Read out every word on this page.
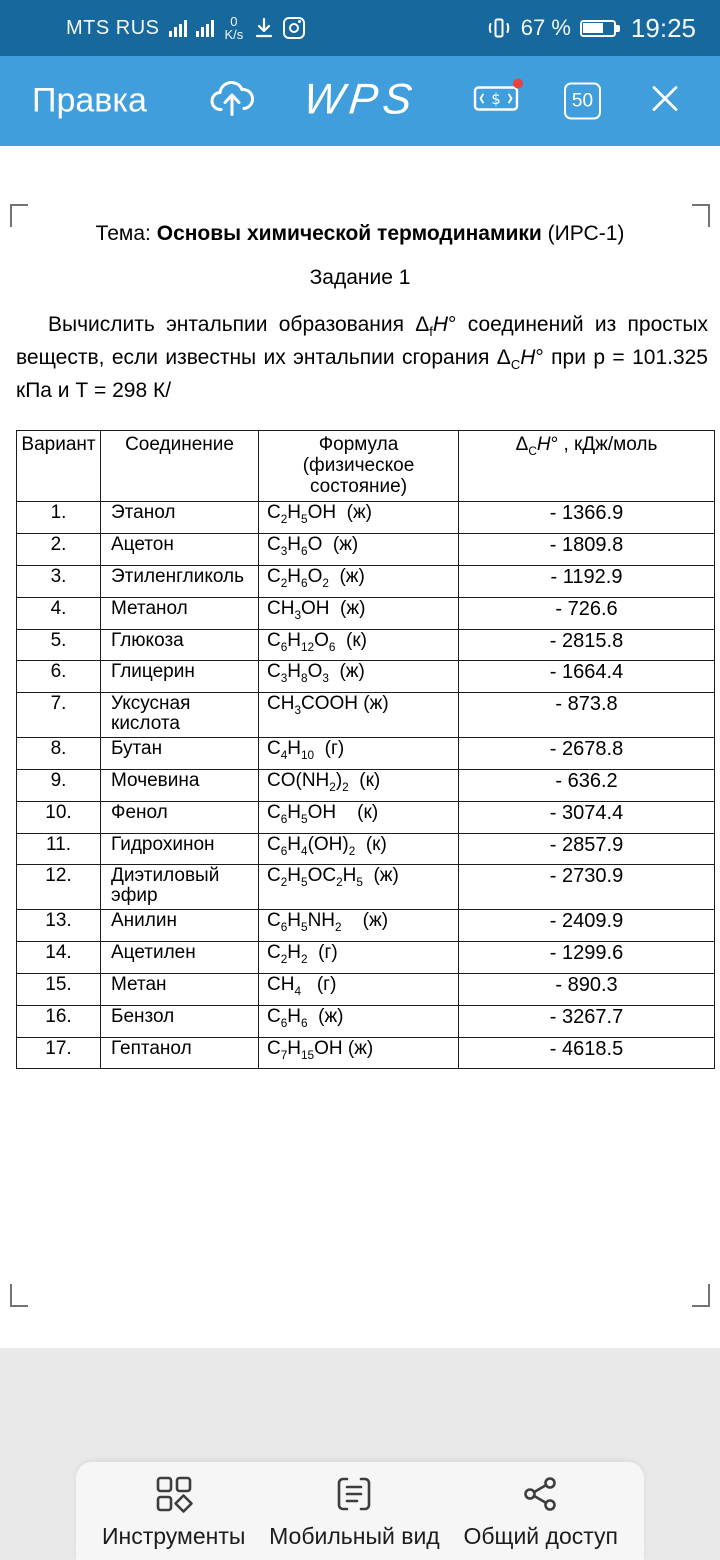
MTS RUS	0
K/s	67 % 19:25
Правка	WPS	$	50
Тема: Основы химической термодинамики (ИРС-1)
Задание 1

Вычислить энтальпии образования $\Delta_fH^\circ$ соединений из простых веществ, если известны их энтальпии сгорания $\Delta_CH^\circ$ при р = 101.325 кПа и Т = 298 К/

Вариант	Соединение	Формула (физическое состояние)	$\Delta_CH^\circ$ , кДж/моль
1.	Этанол	$C_2H_5OH$  (ж)	- 1366.9
2.	Ацетон	$C_3H_6O$  (ж)	- 1809.8
3.	Этиленгликоль	$C_2H_6O_2$  (ж)	- 1192.9
4.	Метанол	$CH_3OH$  (ж)	- 726.6
5.	Глюкоза	$C_6H_{12}O_6$  (к)	- 2815.8
6.	Глицерин	$C_3H_8O_3$  (ж)	- 1664.4
7.	Уксусная кислота	$CH_3COOH$ (ж)	- 873.8
8.	Бутан	$C_4H_{10}$  (г)	- 2678.8
9.	Мочевина	$CO(NH_2)_2$  (к)	- 636.2
10.	Фенол	$C_6H_5OH$    (к)	- 3074.4
11.	Гидрохинон	$C_6H_4(OH)_2$  (к)	- 2857.9
12.	Диэтиловый эфир	$C_2H_5OC_2H_5$  (ж)	- 2730.9
13.	Анилин	$C_6H_5NH_2$    (ж)	- 2409.9
14.	Ацетилен	$C_2H_2$  (г)	- 1299.6
15.	Метан	$CH_4$   (г)	- 890.3
16.	Бензол	$C_6H_6$  (ж)	- 3267.7
17.	Гептанол	$C_7H_{15}OH$ (ж)	- 4618.5
Инструменты Мобильный вид Общий доступ
